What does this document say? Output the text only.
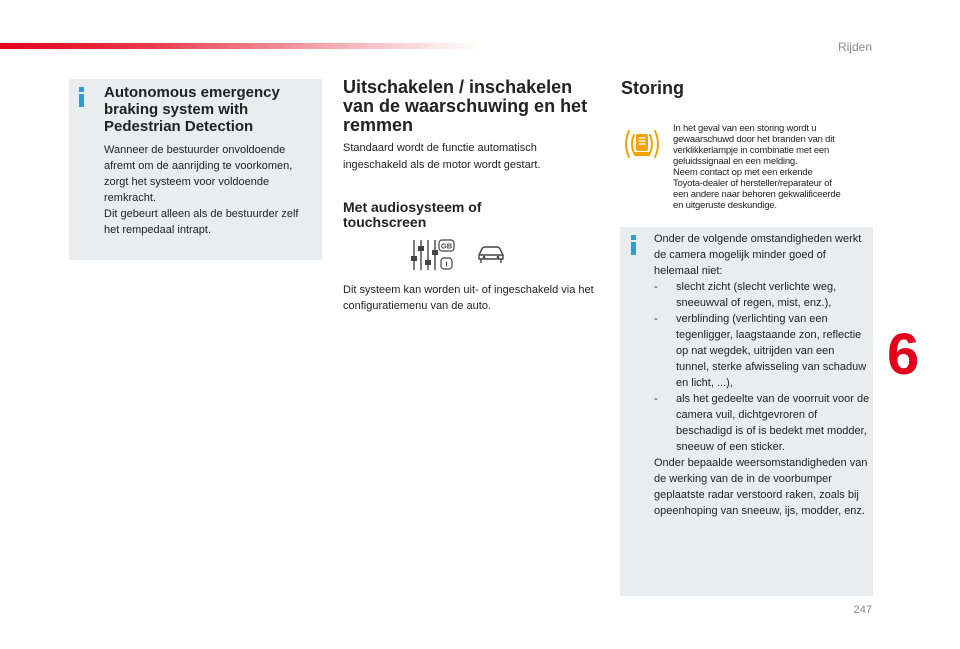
Rijden
247
6
Autonomous emergency braking system with Pedestrian Detection
Wanneer de bestuurder onvoldoende
afremt om de aanrijding te voorkomen,
zorgt het systeem voor voldoende
remkracht.
Dit gebeurt alleen als de bestuurder zelf
het rempedaal intrapt.
Uitschakelen / inschakelen van de waarschuwing en het remmen

Standaard wordt de functie automatisch ingeschakeld als de motor wordt gestart.

Met audiosysteem of touchscreen
GB
I

Dit systeem kan worden uit- of ingeschakeld via het configuratiemenu van de auto.

Storing
In het geval van een storing wordt u
gewaarschuwd door het branden van dit
verklikkerlampje in combinatie met een
geluidssignaal en een melding.
Neem contact op met een erkende
Toyota-dealer of hersteller/reparateur of
een andere naar behoren gekwalificeerde
en uitgeruste deskundige.

Onder de volgende omstandigheden werkt de camera mogelijk minder goed of helemaal niet:

- slecht zicht (slecht verlichte weg, sneeuwval of regen, mist, enz.),
- verblinding (verlichting van een tegenligger, laagstaande zon, reflectie op nat wegdek, uitrijden van een tunnel, sterke afwisseling van schaduw en licht, ...),
- als het gedeelte van de voorruit voor de camera vuil, dichtgevroren of beschadigd is of is bedekt met modder, sneeuw of een sticker.

Onder bepaalde weersomstandigheden van de werking van de in de voorbumper geplaatste radar verstoord raken, zoals bij opeenhoping van sneeuw, ijs, modder, enz.
